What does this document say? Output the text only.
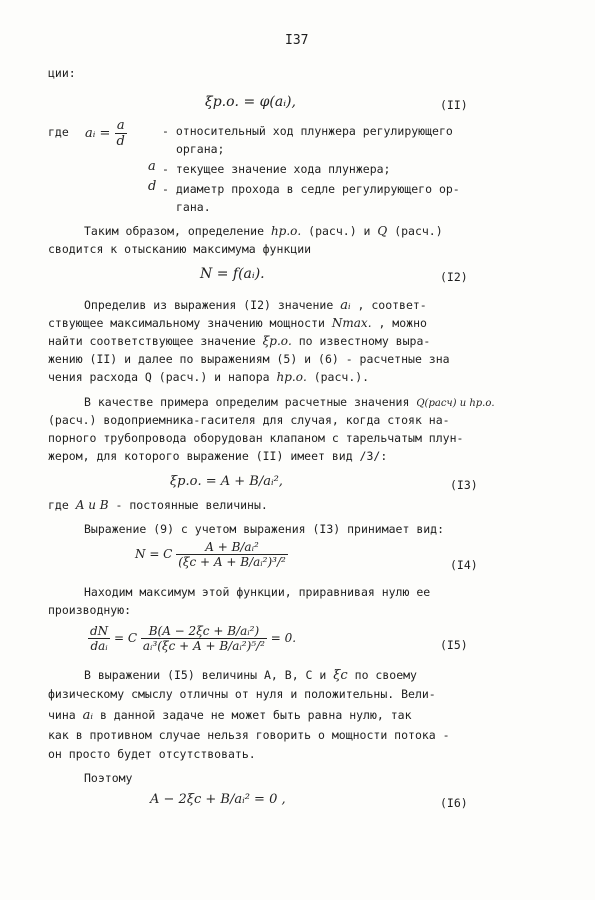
I37
ции:
ξр.о. = φ(aᵢ),	(II)
где aᵢ = $\frac{a}{d}$	- относительный ход плунжера регулирующего
органа;
a - текущее значение хода плунжера;
d - диаметр прохода в седле регулирующего ор-
гана.
Таким образом, определение hр.о. (расч.) и Q (расч.)
сводится к отысканию максимума функции
N = f(aᵢ).	(I2)
Определив из выражения (I2) значение aᵢ , соответ-
ствующее максимальному значению мощности Nmax. , можно
найти соответствующее значение ξр.о. по известному выра-
жению (II) и далее по выражениям (5) и (6) - расчетные зна
чения расхода Q (расч.) и напора hр.о. (расч.).
В качестве примера определим расчетные значения Q(расч) и hр.о.
(расч.) водоприемника-гасителя для случая, когда стояк на-
порного трубопровода оборудован клапаном с тарельчатым плун-
жером, для которого выражение (II) имеет вид /3/:
ξр.о. = A + B/aᵢ²,	(I3)
где A и B - постоянные величины.
Выражение (9) с учетом выражения (I3) принимает вид:
N = C $\frac{\text{A + B/aᵢ²}}{\text{(ξc + A + B/aᵢ²)³/²}}$	(I4)
Находим максимум этой функции, приравнивая нулю ее
производную:
$\frac{dN}{\text{daᵢ}} = C \frac{\text{B(A − 2ξc + B/aᵢ²)}}{\text{aᵢ³(ξc + A + B/aᵢ²)⁵/²}} = 0$.	(I5)
В выражении (I5) величины A, B, C и ξc по своему
физическому смыслу отличны от нуля и положительны. Вели-
чина aᵢ в данной задаче не может быть равна нулю, так
как в противном случае нельзя говорить о мощности потока -
он просто будет отсутствовать.
Поэтому
A − 2ξc + B/aᵢ² = 0 ,	(I6)
